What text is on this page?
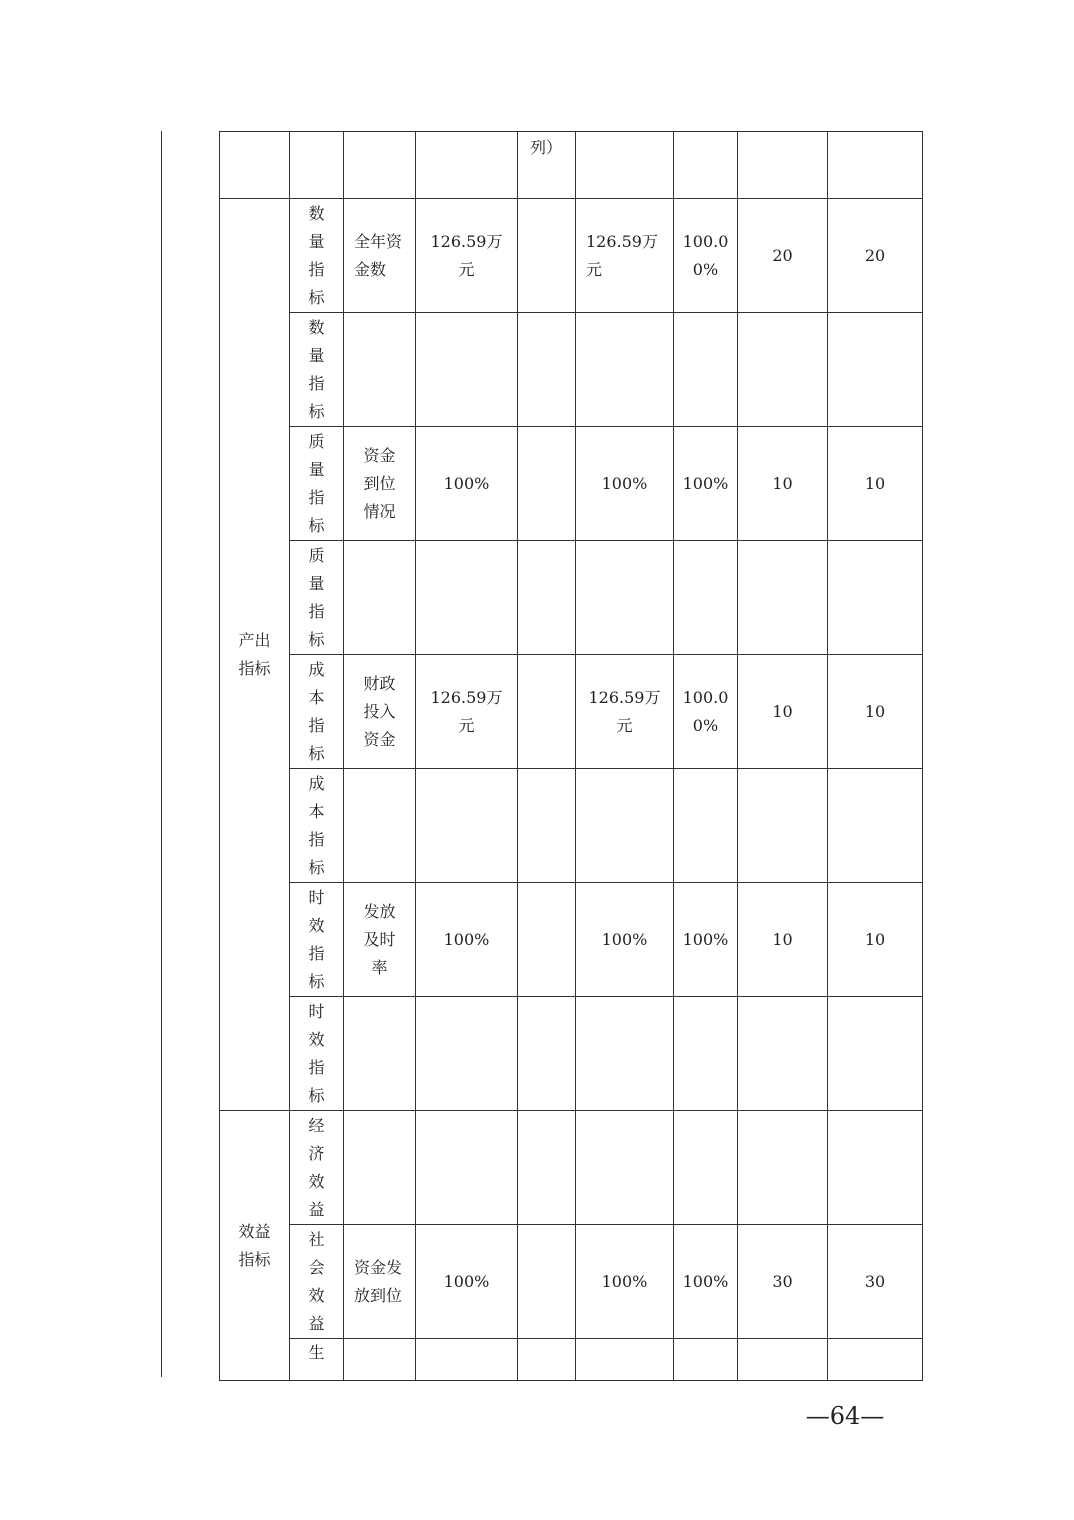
				列）				

产出指标	数量指标	全年资金数	126.59万元		126.59万元	100.00%	20	20

	数量指标							

	质量指标	资金到位情况	100%		100%	100%	10	10

	质量指标							

	成本指标	财政投入资金	126.59万元		126.59万元	100.00%	10	10

	成本指标							

	时效指标	发放及时率	100%		100%	100%	10	10

	时效指标							

效益指标	经济效益							

	社会效益	资金发放到位	100%		100%	100%	30	30

	生							

—64—
